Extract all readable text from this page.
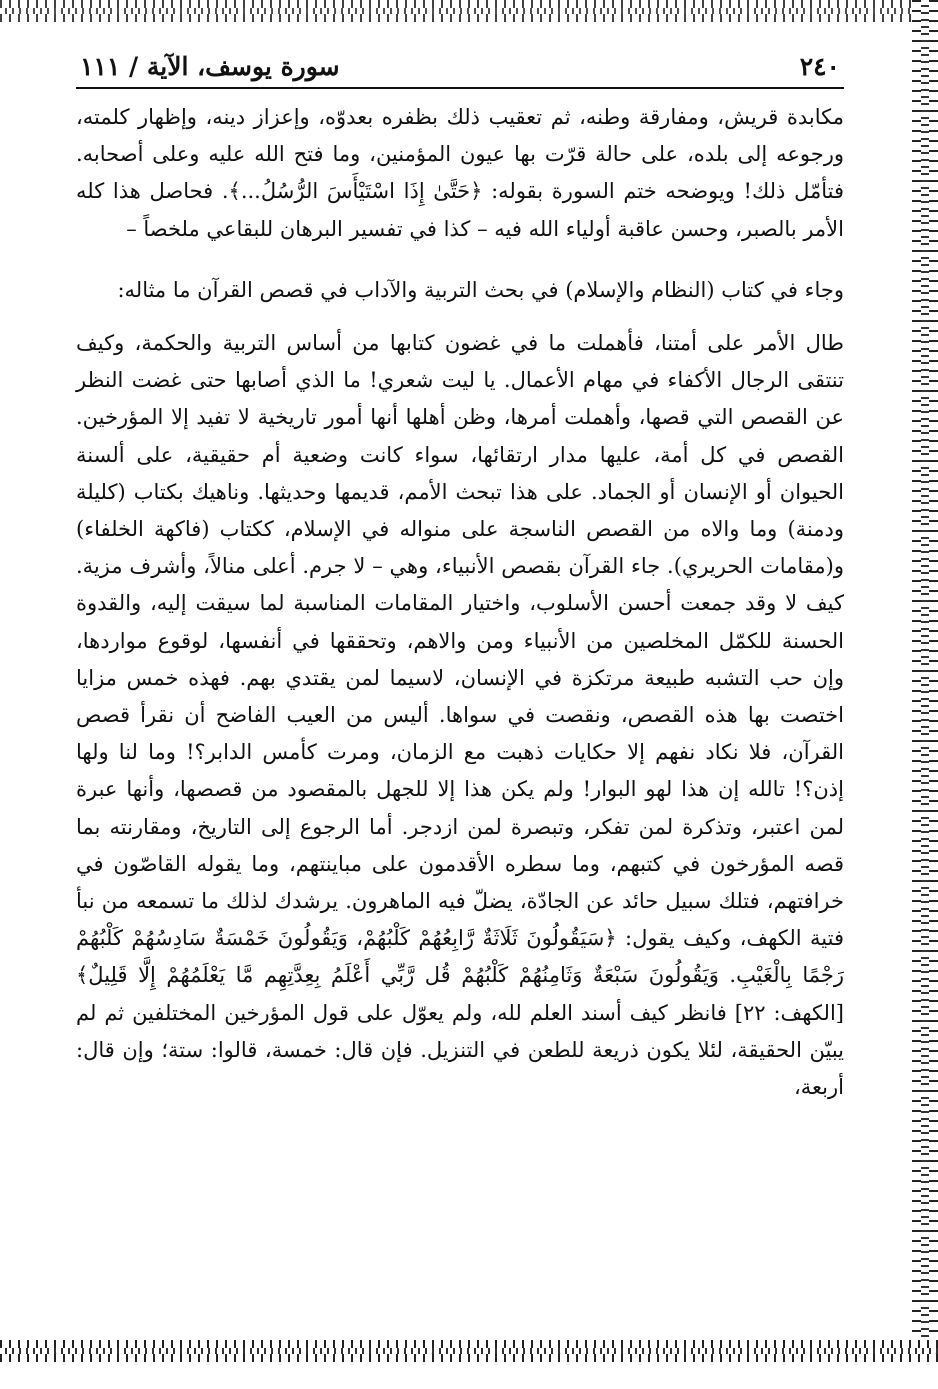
٢٤٠
سورة يوسف، الآية / ١١١

مكابدة قريش، ومفارقة وطنه، ثم تعقيب ذلك بظفره بعدوّه، وإعزاز دينه، وإظهار كلمته، ورجوعه إلى بلده، على حالة قرّت بها عيون المؤمنين، وما فتح الله عليه وعلى أصحابه. فتأمّل ذلك! ويوضحه ختم السورة بقوله: ﴿حَتَّىٰ إِذَا اسْتَيْأَسَ الرُّسُلُ...﴾. فحاصل هذا كله الأمر بالصبر، وحسن عاقبة أولياء الله فيه – كذا في تفسير البرهان للبقاعي ملخصاً –

وجاء في كتاب (النظام والإسلام) في بحث التربية والآداب في قصص القرآن ما مثاله:

طال الأمر على أمتنا، فأهملت ما في غضون كتابها من أساس التربية والحكمة، وكيف تنتقى الرجال الأكفاء في مهام الأعمال. يا ليت شعري! ما الذي أصابها حتى غضت النظر عن القصص التي قصها، وأهملت أمرها، وظن أهلها أنها أمور تاريخية لا تفيد إلا المؤرخين. القصص في كل أمة، عليها مدار ارتقائها، سواء كانت وضعية أم حقيقية، على ألسنة الحيوان أو الإنسان أو الجماد. على هذا تبحث الأمم، قديمها وحديثها. وناهيك بكتاب (كليلة ودمنة) وما والاه من القصص الناسجة على منواله في الإسلام، ككتاب (فاكهة الخلفاء) و(مقامات الحريري). جاء القرآن بقصص الأنبياء، وهي – لا جرم. أعلى منالاً، وأشرف مزية. كيف لا وقد جمعت أحسن الأسلوب، واختيار المقامات المناسبة لما سيقت إليه، والقدوة الحسنة للكمّل المخلصين من الأنبياء ومن والاهم، وتحققها في أنفسها، لوقوع مواردها، وإن حب التشبه طبيعة مرتكزة في الإنسان، لاسيما لمن يقتدي بهم. فهذه خمس مزايا اختصت بها هذه القصص، ونقصت في سواها. أليس من العيب الفاضح أن نقرأ قصص القرآن، فلا نكاد نفهم إلا حكايات ذهبت مع الزمان، ومرت كأمس الدابر؟! وما لنا ولها إذن؟! تالله إن هذا لهو البوار! ولم يكن هذا إلا للجهل بالمقصود من قصصها، وأنها عبرة لمن اعتبر، وتذكرة لمن تفكر، وتبصرة لمن ازدجر. أما الرجوع إلى التاريخ، ومقارنته بما قصه المؤرخون في كتبهم، وما سطره الأقدمون على مباينتهم، وما يقوله القاصّون في خرافتهم، فتلك سبيل حائد عن الجادّة، يضلّ فيه الماهرون. يرشدك لذلك ما تسمعه من نبأ فتية الكهف، وكيف يقول: ﴿سَيَقُولُونَ ثَلَاثَةٌ رَّابِعُهُمْ كَلْبُهُمْ، وَيَقُولُونَ خَمْسَةٌ سَادِسُهُمْ كَلْبُهُمْ رَجْمًا بِالْغَيْبِ. وَيَقُولُونَ سَبْعَةٌ وَثَامِنُهُمْ كَلْبُهُمْ قُل رَّبِّي أَعْلَمُ بِعِدَّتِهِم مَّا يَعْلَمُهُمْ إِلَّا قَلِيلٌ﴾ [الكهف: ٢٢] فانظر كيف أسند العلم لله، ولم يعوّل على قول المؤرخين المختلفين ثم لم يبيّن الحقيقة، لئلا يكون ذريعة للطعن في التنزيل. فإن قال: خمسة، قالوا: ستة؛ وإن قال: أربعة،
